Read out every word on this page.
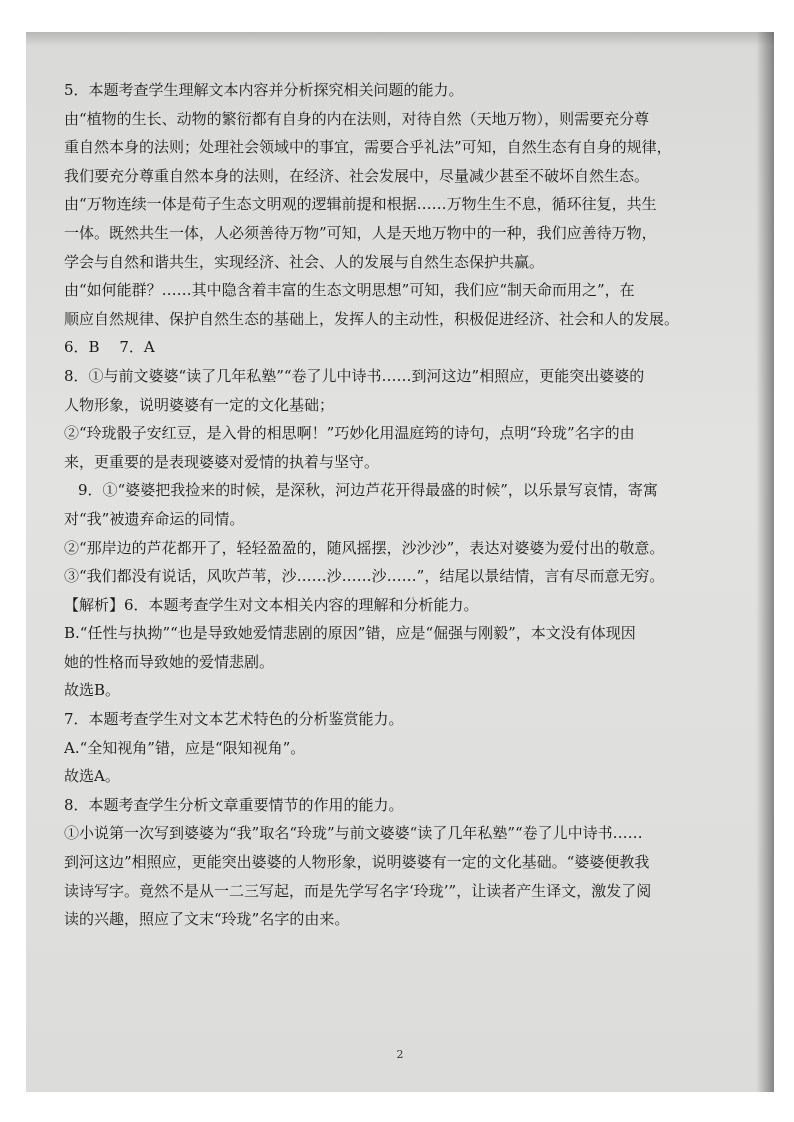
2
5．本题考查学生理解文本内容并分析探究相关问题的能力。
由“植物的生长、动物的繁衍都有自身的内在法则，对待自然（天地万物），则需要充分尊
重自然本身的法则；处理社会领域中的事宜，需要合乎礼法”可知，自然生态有自身的规律，
我们要充分尊重自然本身的法则，在经济、社会发展中，尽量减少甚至不破坏自然生态。
由“万物连续一体是荀子生态文明观的逻辑前提和根据……万物生生不息，循环往复，共生
一体。既然共生一体，人必须善待万物”可知，人是天地万物中的一种，我们应善待万物，
学会与自然和谐共生，实现经济、社会、人的发展与自然生态保护共赢。
由“如何能群？……其中隐含着丰富的生态文明思想”可知，我们应“制天命而用之”，在
顺应自然规律、保护自然生态的基础上，发挥人的主动性，积极促进经济、社会和人的发展。
6．B　 7．A
8．①与前文婆婆“读了几年私塾”“卷了儿中诗书……到河这边”相照应，更能突出婆婆的
人物形象，说明婆婆有一定的文化基础；
②“玲珑骰子安红豆，是入骨的相思啊！”巧妙化用温庭筠的诗句，点明“玲珑”名字的由
来，更重要的是表现婆婆对爱情的执着与坚守。
9．①“婆婆把我捡来的时候，是深秋，河边芦花开得最盛的时候”，以乐景写哀情，寄寓
对“我”被遗弃命运的同情。
②“那岸边的芦花都开了，轻轻盈盈的，随风摇摆，沙沙沙”，表达对婆婆为爱付出的敬意。
③“我们都没有说话，风吹芦苇，沙……沙……沙……”，结尾以景结情，言有尽而意无穷。
【解析】6．本题考查学生对文本相关内容的理解和分析能力。
B.“任性与执拗”“也是导致她爱情悲剧的原因”错，应是“倔强与刚毅”，本文没有体现因
她的性格而导致她的爱情悲剧。
故选B。
7．本题考查学生对文本艺术特色的分析鉴赏能力。
A.“全知视角”错，应是“限知视角”。
故选A。
8．本题考查学生分析文章重要情节的作用的能力。
①小说第一次写到婆婆为“我”取名“玲珑”与前文婆婆“读了几年私塾”“卷了儿中诗书……
到河这边”相照应，更能突出婆婆的人物形象，说明婆婆有一定的文化基础。“婆婆便教我
读诗写字。竟然不是从一二三写起，而是先学写名字‘玲珑’”，让读者产生译文，激发了阅
读的兴趣，照应了文末“玲珑”名字的由来。
